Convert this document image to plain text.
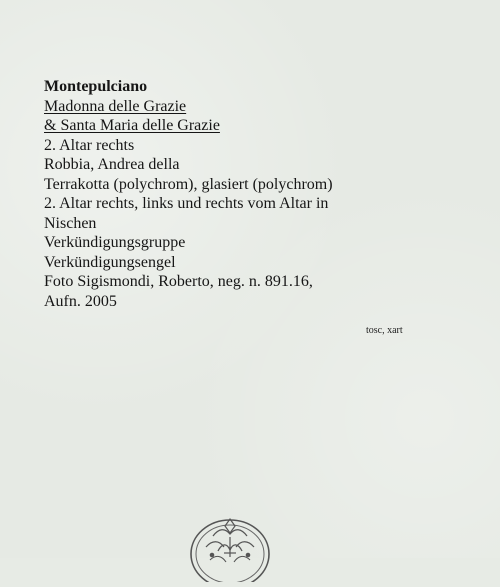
Montepulciano
Madonna delle Grazie
& Santa Maria delle Grazie
2. Altar rechts
Robbia, Andrea della
Terrakotta (polychrom), glasiert (polychrom)
2. Altar rechts, links und rechts vom Altar in
Nischen
Verkündigungsgruppe
Verkündigungsengel
Foto Sigismondi, Roberto, neg. n. 891.16,
Aufn. 2005
tosc, xart
